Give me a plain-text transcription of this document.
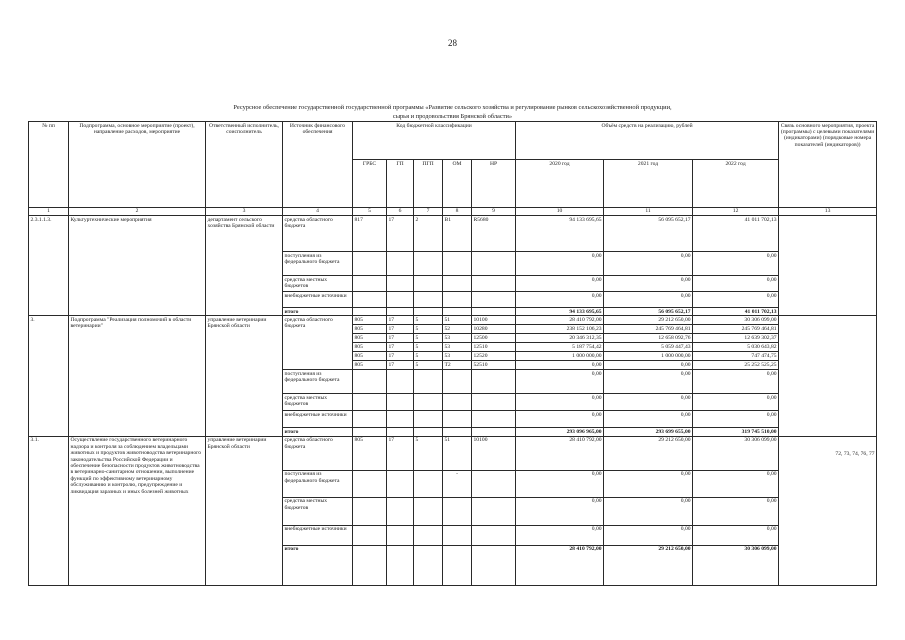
28
Ресурсное обеспечение государственной государственной программы «Развитие сельского хозяйства и регулирование рынков сельскохозяйственной продукции,
сырья и продовольствия Брянской области»
№ пп	Подпрограмма, основное мероприятие (проект), направление расходов, мероприятие	Ответственный исполнитель, соисполнитель	Источник финансового обеспечения	Код бюджетной классификации					Объём средств на реализацию, рублей			Связь основного мероприятия, проекта (программы) с целевыми показателями (индикаторами) (порядковые номера показателей (индикаторов))
				ГРБС	ГП	ПГП	ОМ	НР	2020 год	2021 год	2022 год	
1	2	3	4	5	6	7	8	9	10	11	12	13
2.3.1.1.3.	Культуртехнические мероприятия	департамент сельского хозяйства Брянской области	средства областного бюджета	817	17	2	В1	R5680	94 133 695,65	56 095 652,17	41 011 702,13	
			поступления из федерального бюджета						0,00	0,00	0,00	
			средства местных бюджетов						0,00	0,00	0,00	
			внебюджетные источники						0,00	0,00	0,00	
			итого						94 133 695,65	56 095 652,17	41 011 702,13	
3.	Подпрограмма "Реализация полномочий в области ветеринарии"	управление ветеринарии Брянской области	средства областного бюджета	805	17	5	51	10100	28 410 792,00	29 212 650,00	30 306 099,00	
				805	17	5	52	10280	238 152 106,23	245 769 464,81	245 769 464,81	
				805	17	5	53	12500	20 346 312,35	12 658 092,76	12 639 302,37	
				805	17	5	53	12510	5 187 754,42	5 059 447,43	5 030 643,82	
				805	17	5	53	12520	1 000 000,00	1 000 000,00	747 474,75	
				805	17	5	Т2	52510	0,00	0,00	25 252 525,25	
			поступления из федерального бюджета						0,00	0,00	0,00	
			средства местных бюджетов						0,00	0,00	0,00	
			внебюджетные источники						0,00	0,00	0,00	
			итого						293 096 965,00	293 699 655,00	319 745 510,00	
3.1.	Осуществление государственного ветеринарного надзора и контроля за соблюдением владельцами животных и продуктов животноводства ветеринарного законодательства Российской Федерации и обеспечение безопасности продуктов животноводства в ветеринарно-санитарном отношении, выполнение функций по эффективному ветеринарному обслуживанию и контролю, предупреждение и ликвидация заразных и иных болезней животных	управление ветеринарии Брянской области	средства областного бюджета	805	17	5	51	10100	28 410 792,00	29 212 650,00	30 306 099,00	72, 73, 74, 76, 77
			поступления из федерального бюджета				-		0,00	0,00	0,00	
			средства местных бюджетов						0,00	0,00	0,00	
			внебюджетные источники						0,00	0,00	0,00	
			итого						28 410 792,00	29 212 650,00	30 306 099,00	
